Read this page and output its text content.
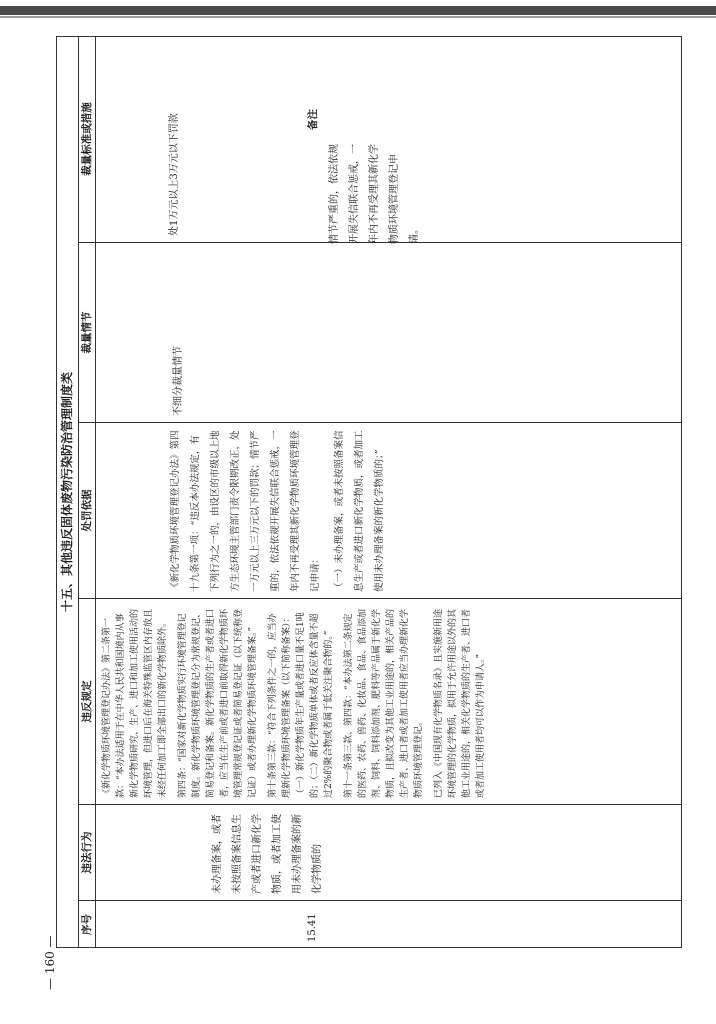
十五、其他违反固体废物污染防治管理制度类
序号
违法行为
违反规定
处罚依据
裁量情节
裁量标准或措施
15.41
未办理备案，或者未按照备案信息生产或者进口新化学物质，或者加工使用未办理备案的新化学物质的

《新化学物质环境管理登记办法》第二条第一款：“本办法适用于在中华人民共和国境内从事新化学物质研究、生产、进口和加工使用活动的环境管理，但进口后在海关特殊监管区内存放且未经任何加工即全部出口的新化学物质除外。 第四条：“国家对新化学物质实行环境管理登记制度。新化学物质环境管理登记分为常规登记、简易登记和备案。新化学物质的生产者或者进口者，应当在生产前或者进口前取得新化学物质环境管理常规登记证或者简易登记证（以下统称登记证）或者办理新化学物质环境管理备案。” 第十条第三款：“符合下列条件之一的，应当办理新化学物质环境管理备案（以下简称备案）：（一）新化学物质年生产量或者进口量不足1吨的；（二）新化学物质单体或者反应体含量不超过2%的聚合物或者属于低关注聚合物的。” 第十一条第三款、第四款：“本办法第二条规定的医药、农药、兽药、化妆品、食品、食品添加剂、饲料、饲料添加剂、肥料等产品属于新化学物质，且拟改变为其他工业用途的，相关产品的生产者、进口者或者加工使用者应当办理新化学物质环境管理登记。 已列入《中国现有化学物质名录》且实施新用途环境管理的化学物质，拟用于允许用途以外的其他工业用途的，相关化学物质的生产者、进口者或者加工使用者均可以作为申请人。”

《新化学物质环境管理登记办法》第四十九条第一项：“违反本办法规定，有下列行为之一的，由设区的市级以上地方生态环境主管部门责令限期改正，处一万元以上三万元以下的罚款；情节严重的，依法依规开展失信联合惩戒，一年内不再受理其新化学物质环境管理登记申请：	（一）未办理备案，或者未按照备案信息生产或者进口新化学物质，或者加工使用未办理备案的新化学物质的；”

不细分裁量情节
处1万元以上3万元以下罚款	备注
情节严重的，依法依规开展失信联合惩戒，一年内不再受理其新化学物质环境管理登记申请。
— 160 —
